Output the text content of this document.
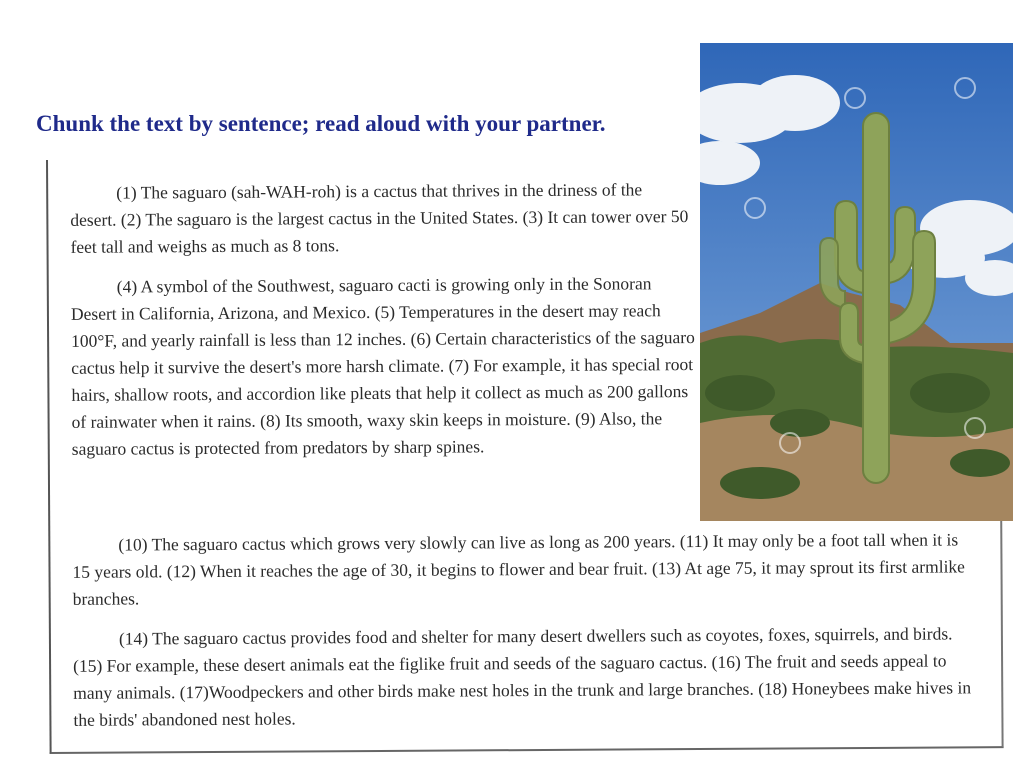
Chunk the text by sentence; read aloud with your partner.

(1) The saguaro (sah-WAH-roh) is a cactus that thrives in the driness of the desert. (2) The saguaro is the largest cactus in the United States. (3) It can tower over 50 feet tall and weighs as much as 8 tons.

(4) A symbol of the Southwest, saguaro cacti is growing only in the Sonoran Desert in California, Arizona, and Mexico. (5) Temperatures in the desert may reach 100°F, and yearly rainfall is less than 12 inches. (6) Certain characteristics of the saguaro cactus help it survive the desert's more harsh climate. (7) For example, it has special root hairs, shallow roots, and accordion like pleats that help it collect as much as 200 gallons of rainwater when it rains. (8) Its smooth, waxy skin keeps in moisture. (9) Also, the saguaro cactus is protected from predators by sharp spines.

(10) The saguaro cactus which grows very slowly can live as long as 200 years. (11) It may only be a foot tall when it is 15 years old. (12) When it reaches the age of 30, it begins to flower and bear fruit. (13) At age 75, it may sprout its first armlike branches.

(14) The saguaro cactus provides food and shelter for many desert dwellers such as coyotes, foxes, squirrels, and birds. (15) For example, these desert animals eat the figlike fruit and seeds of the saguaro cactus. (16) The fruit and seeds appeal to many animals. (17)Woodpeckers and other birds make nest holes in the trunk and large branches. (18) Honeybees make hives in the birds' abandoned nest holes.
